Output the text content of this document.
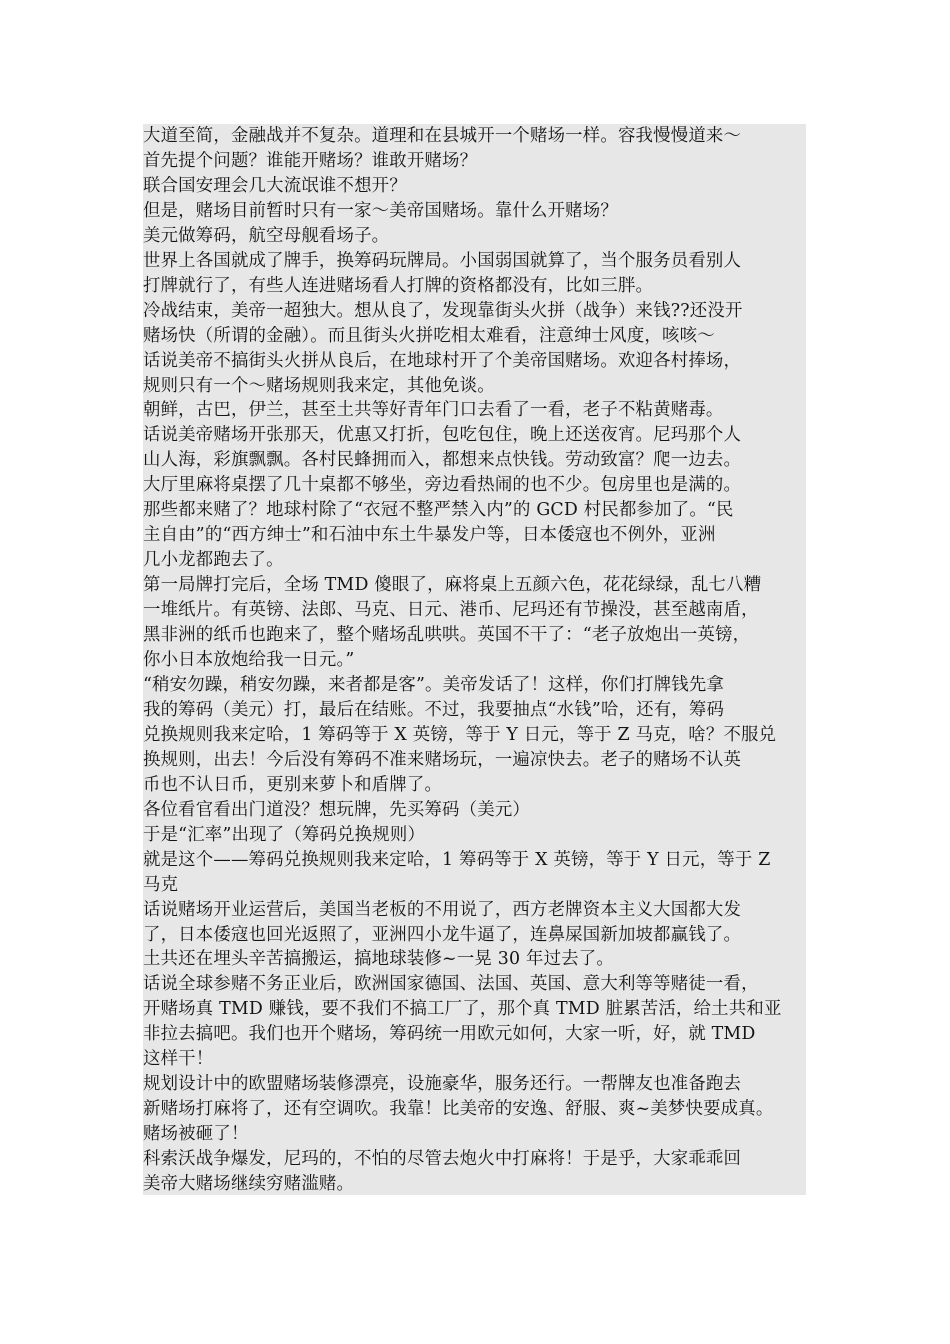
大道至简，金融战并不复杂。道理和在县城开一个赌场一样。容我慢慢道来～
首先提个问题？谁能开赌场？谁敢开赌场？
联合国安理会几大流氓谁不想开？
但是，赌场目前暂时只有一家～美帝国赌场。靠什么开赌场？
美元做筹码，航空母舰看场子。
世界上各国就成了牌手，换筹码玩牌局。小国弱国就算了，当个服务员看别人
打牌就行了，有些人连进赌场看人打牌的资格都没有，比如三胖。
冷战结束，美帝一超独大。想从良了，发现靠街头火拼（战争）来钱??还没开
赌场快（所谓的金融）。而且街头火拼吃相太难看，注意绅士风度，咳咳～
话说美帝不搞街头火拼从良后，在地球村开了个美帝国赌场。欢迎各村捧场，
规则只有一个～赌场规则我来定，其他免谈。
朝鲜，古巴，伊兰，甚至土共等好青年门口去看了一看，老子不粘黄赌毒。
话说美帝赌场开张那天，优惠又打折，包吃包住，晚上还送夜宵。尼玛那个人
山人海，彩旗飘飘。各村民蜂拥而入，都想来点快钱。劳动致富？爬一边去。
大厅里麻将桌摆了几十桌都不够坐，旁边看热闹的也不少。包房里也是满的。
那些都来赌了？地球村除了“衣冠不整严禁入内”的 GCD 村民都参加了。“民
主自由”的“西方绅士”和石油中东土牛暴发户等，日本倭寇也不例外，亚洲
几小龙都跑去了。
第一局牌打完后，全场 TMD 傻眼了，麻将桌上五颜六色，花花绿绿，乱七八糟
一堆纸片。有英镑、法郎、马克、日元、港币、尼玛还有节操没，甚至越南盾，
黑非洲的纸币也跑来了，整个赌场乱哄哄。英国不干了：“老子放炮出一英镑，
你小日本放炮给我一日元。”
“稍安勿躁，稍安勿躁，来者都是客”。美帝发话了！这样，你们打牌钱先拿
我的筹码（美元）打，最后在结账。不过，我要抽点“水钱”哈，还有，筹码
兑换规则我来定哈，1 筹码等于 X 英镑，等于 Y 日元，等于 Z 马克，啥？不服兑
换规则，出去！今后没有筹码不准来赌场玩，一遍凉快去。老子的赌场不认英
币也不认日币，更别来萝卜和盾牌了。
各位看官看出门道没？想玩牌，先买筹码（美元）
于是“汇率”出现了（筹码兑换规则）
就是这个——筹码兑换规则我来定哈，1 筹码等于 X 英镑，等于 Y 日元，等于 Z
马克
话说赌场开业运营后，美国当老板的不用说了，西方老牌资本主义大国都大发
了，日本倭寇也回光返照了，亚洲四小龙牛逼了，连鼻屎国新加坡都赢钱了。
土共还在埋头辛苦搞搬运，搞地球装修~一晃 30 年过去了。
话说全球参赌不务正业后，欧洲国家德国、法国、英国、意大利等等赌徒一看，
开赌场真 TMD 赚钱，要不我们不搞工厂了，那个真 TMD 脏累苦活，给土共和亚
非拉去搞吧。我们也开个赌场，筹码统一用欧元如何，大家一听，好，就 TMD
这样干！
规划设计中的欧盟赌场装修漂亮，设施豪华，服务还行。一帮牌友也准备跑去
新赌场打麻将了，还有空调吹。我靠！比美帝的安逸、舒服、爽~美梦快要成真。
赌场被砸了！
科索沃战争爆发，尼玛的，不怕的尽管去炮火中打麻将！于是乎，大家乖乖回
美帝大赌场继续穷赌滥赌。
